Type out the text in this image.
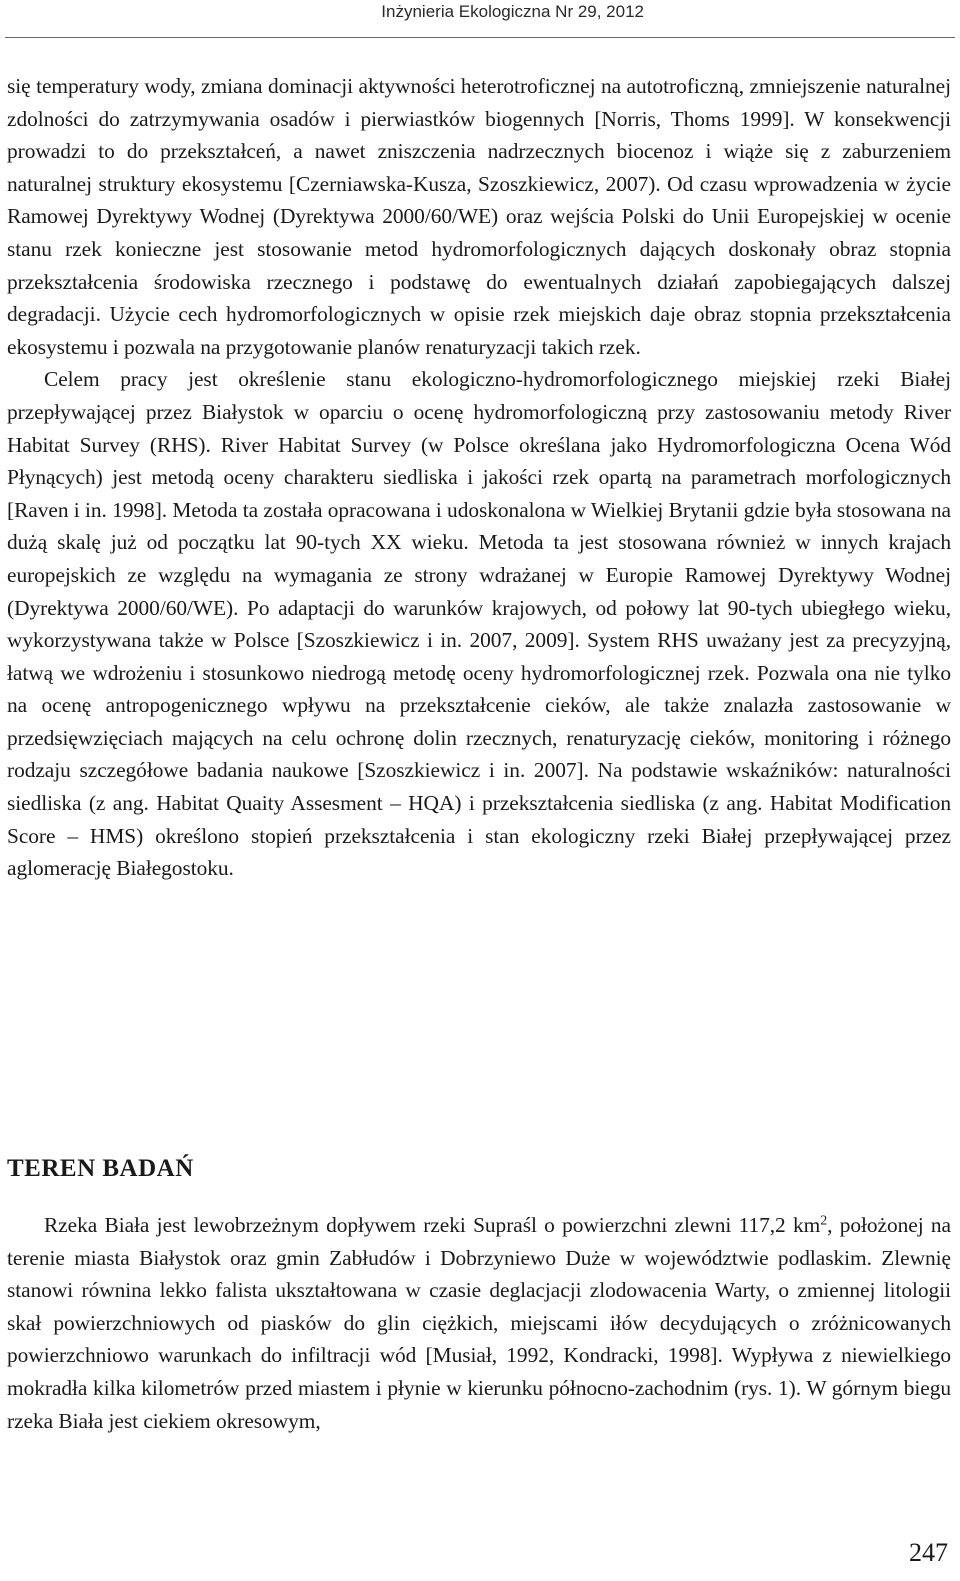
Inżynieria Ekologiczna Nr 29, 2012

się temperatury wody, zmiana dominacji aktywności heterotroficznej na autotroficzną, zmniejszenie naturalnej zdolności do zatrzymywania osadów i pierwiastków biogennych [Norris, Thoms 1999]. W konsekwencji prowadzi to do przekształceń, a nawet zniszczenia nadrzecznych biocenoz i wiąże się z zaburzeniem naturalnej struktury ekosystemu [Czerniawska-Kusza, Szoszkiewicz, 2007). Od czasu wprowadzenia w życie Ramowej Dyrektywy Wodnej (Dyrektywa 2000/60/WE) oraz wejścia Polski do Unii Europejskiej w ocenie stanu rzek konieczne jest stosowanie metod hydromorfologicznych dających doskonały obraz stopnia przekształcenia środowiska rzecznego i podstawę do ewentualnych działań zapobiegających dalszej degradacji. Użycie cech hydromorfologicznych w opisie rzek miejskich daje obraz stopnia przekształcenia ekosystemu i pozwala na przygotowanie planów renaturyzacji takich rzek.

Celem pracy jest określenie stanu ekologiczno-hydromorfologicznego miejskiej rzeki Białej przepływającej przez Białystok w oparciu o ocenę hydromorfologiczną przy zastosowaniu metody River Habitat Survey (RHS). River Habitat Survey (w Polsce określana jako Hydromorfologiczna Ocena Wód Płynących) jest metodą oceny charakteru siedliska i jakości rzek opartą na parametrach morfologicznych [Raven i in. 1998]. Metoda ta została opracowana i udoskonalona w Wielkiej Brytanii gdzie była stosowana na dużą skalę już od początku lat 90-tych XX wieku. Metoda ta jest stosowana również w innych krajach europejskich ze względu na wymagania ze strony wdrażanej w Europie Ramowej Dyrektywy Wodnej (Dyrektywa 2000/60/WE). Po adaptacji do warunków krajowych, od połowy lat 90-tych ubiegłego wieku, wykorzystywana także w Polsce [Szoszkiewicz i in. 2007, 2009]. System RHS uważany jest za precyzyjną, łatwą we wdrożeniu i stosunkowo niedrogą metodę oceny hydromorfologicznej rzek. Pozwala ona nie tylko na ocenę antropogenicznego wpływu na przekształcenie cieków, ale także znalazła zastosowanie w przedsięwzięciach mających na celu ochronę dolin rzecznych, renaturyzację cieków, monitoring i różnego rodzaju szczegółowe badania naukowe [Szoszkiewicz i in. 2007]. Na podstawie wskaźników: naturalności siedliska (z ang. Habitat Quaity Assesment – HQA) i przekształcenia siedliska (z ang. Habitat Modification Score – HMS) określono stopień przekształcenia i stan ekologiczny rzeki Białej przepływającej przez aglomerację Białegostoku.

TEREN BADAŃ

Rzeka Biała jest lewobrzeżnym dopływem rzeki Supraśl o powierzchni zlewni 117,2 $km^2$, położonej na terenie miasta Białystok oraz gmin Zabłudów i Dobrzyniewo Duże w województwie podlaskim. Zlewnię stanowi równina lekko falista ukształtowana w czasie deglacjacji zlodowacenia Warty, o zmiennej litologii skał powierzchniowych od piasków do glin ciężkich, miejscami iłów decydujących o zróżnicowanych powierzchniowo warunkach do infiltracji wód [Musiał, 1992, Kondracki, 1998]. Wypływa z niewielkiego mokradła kilka kilometrów przed miastem i płynie w kierunku północno-zachodnim (rys. 1). W górnym biegu rzeka Biała jest ciekiem okresowym,

247
